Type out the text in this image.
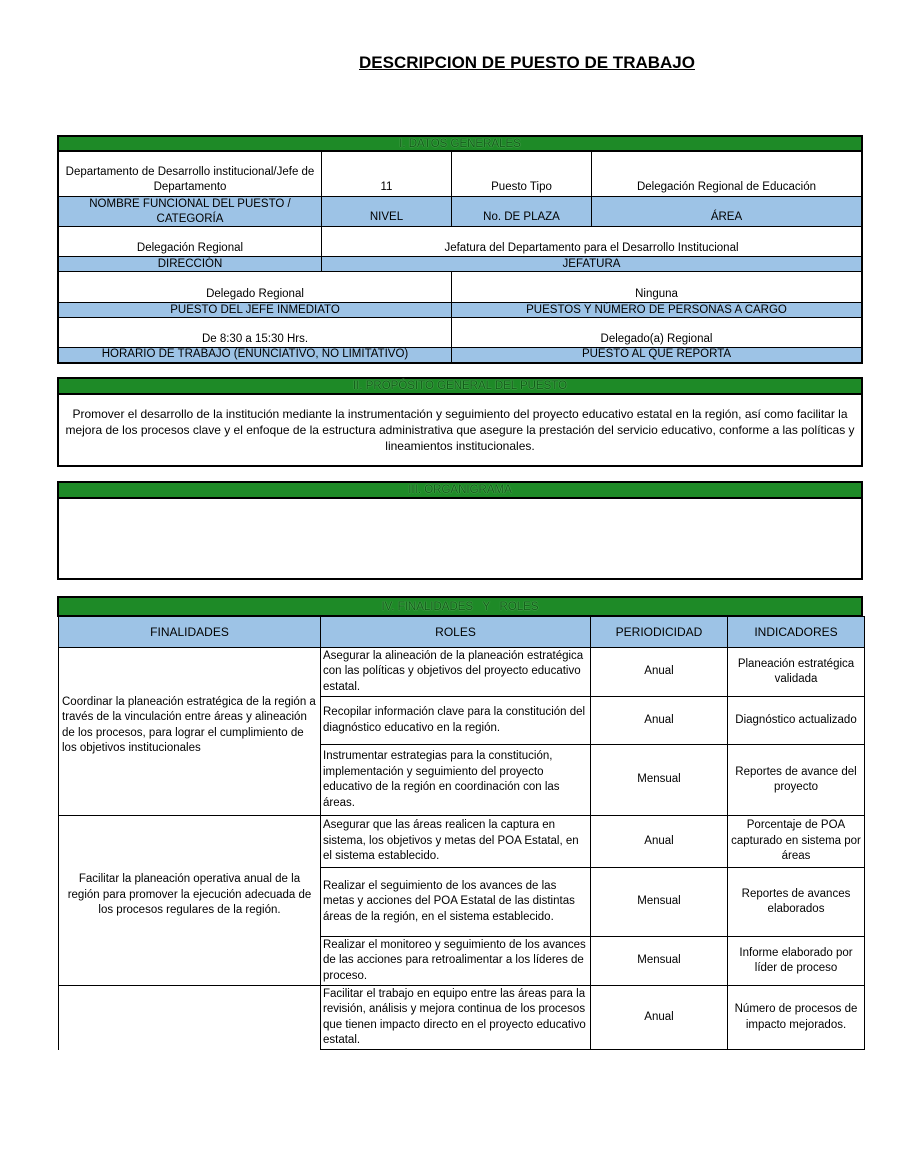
DESCRIPCION DE PUESTO DE TRABAJO
I. DATOS GENERALES
Departamento de Desarrollo institucional/Jefe de Departamento	11	Puesto Tipo	Delegación Regional de Educación
NOMBRE FUNCIONAL DEL PUESTO / CATEGORÍA	NIVEL	No. DE PLAZA	ÁREA
Delegación Regional	Jefatura del Departamento para el Desarrollo Institucional
DIRECCIÓN	JEFATURA
Delegado Regional	Ninguna
PUESTO DEL JEFE INMEDIATO	PUESTOS Y NÚMERO DE PERSONAS A CARGO
De 8:30 a 15:30 Hrs.	Delegado(a) Regional
HORARIO DE TRABAJO (ENUNCIATIVO, NO LIMITATIVO)	PUESTO AL QUE REPORTA
II. PROPÓSITO GENERAL DEL PUESTO
Promover el desarrollo de la institución mediante la instrumentación y seguimiento del proyecto educativo estatal en la región, así como facilitar la mejora de los procesos clave y el enfoque de la estructura administrativa que asegure la prestación del servicio educativo, conforme a las políticas y lineamientos institucionales.
III. ORGANIGRAMA
IV. FINALIDADES   Y   ROLES
FINALIDADES	ROLES	PERIODICIDAD	INDICADORES
Coordinar la planeación estratégica de la región a través de la vinculación entre áreas y alineación de los procesos, para lograr el cumplimiento de los objetivos institucionales	Asegurar la alineación de la planeación estratégica con las políticas y objetivos del proyecto educativo estatal.	Anual	Planeación estratégica validada
	Recopilar información clave para la constitución del diagnóstico educativo en la región.	Anual	Diagnóstico actualizado
	Instrumentar estrategias para la constitución, implementación y seguimiento del proyecto educativo de la región en coordinación con las áreas.	Mensual	Reportes de avance del proyecto
Facilitar la planeación operativa anual de la región para promover la ejecución adecuada de los procesos regulares de la región.	Asegurar que las áreas realicen la captura en sistema, los objetivos y metas del POA Estatal, en el sistema establecido.	Anual	Porcentaje de POA capturado en sistema por áreas
	Realizar el seguimiento de los avances de las metas y acciones del POA Estatal de las distintas áreas de la región, en el sistema establecido.	Mensual	Reportes de avances elaborados
	Realizar el monitoreo y seguimiento de los avances de las acciones para retroalimentar a los líderes de proceso.	Mensual	Informe elaborado por líder de proceso
	Facilitar el trabajo en equipo entre las áreas para la revisión, análisis y mejora continua de los procesos que tienen impacto directo en el proyecto educativo estatal.	Anual	Número de procesos de impacto mejorados.
